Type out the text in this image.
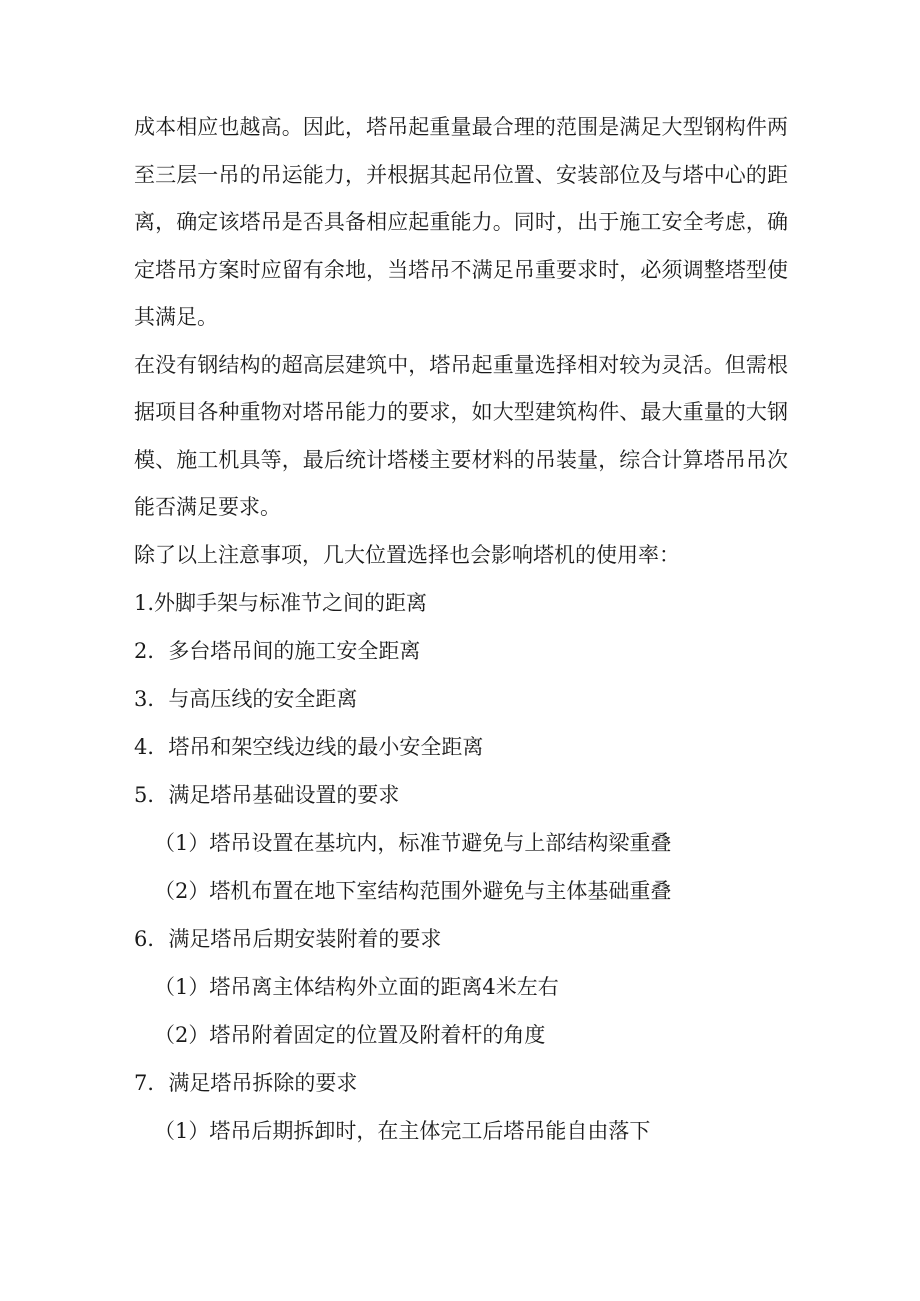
成本相应也越高。因此，塔吊起重量最合理的范围是满足大型钢构件两至三层一吊的吊运能力，并根据其起吊位置、安装部位及与塔中心的距离，确定该塔吊是否具备相应起重能力。同时，出于施工安全考虑，确定塔吊方案时应留有余地，当塔吊不满足吊重要求时，必须调整塔型使其满足。

在没有钢结构的超高层建筑中，塔吊起重量选择相对较为灵活。但需根据项目各种重物对塔吊能力的要求，如大型建筑构件、最大重量的大钢模、施工机具等，最后统计塔楼主要材料的吊装量，综合计算塔吊吊次能否满足要求。

除了以上注意事项，几大位置选择也会影响塔机的使用率：

1.外脚手架与标准节之间的距离

2．多台塔吊间的施工安全距离

3．与高压线的安全距离

4．塔吊和架空线边线的最小安全距离

5．满足塔吊基础设置的要求

（1）塔吊设置在基坑内，标准节避免与上部结构梁重叠

（2）塔机布置在地下室结构范围外避免与主体基础重叠

6．满足塔吊后期安装附着的要求

（1）塔吊离主体结构外立面的距离4米左右

（2）塔吊附着固定的位置及附着杆的角度

7．满足塔吊拆除的要求

（1）塔吊后期拆卸时，在主体完工后塔吊能自由落下
